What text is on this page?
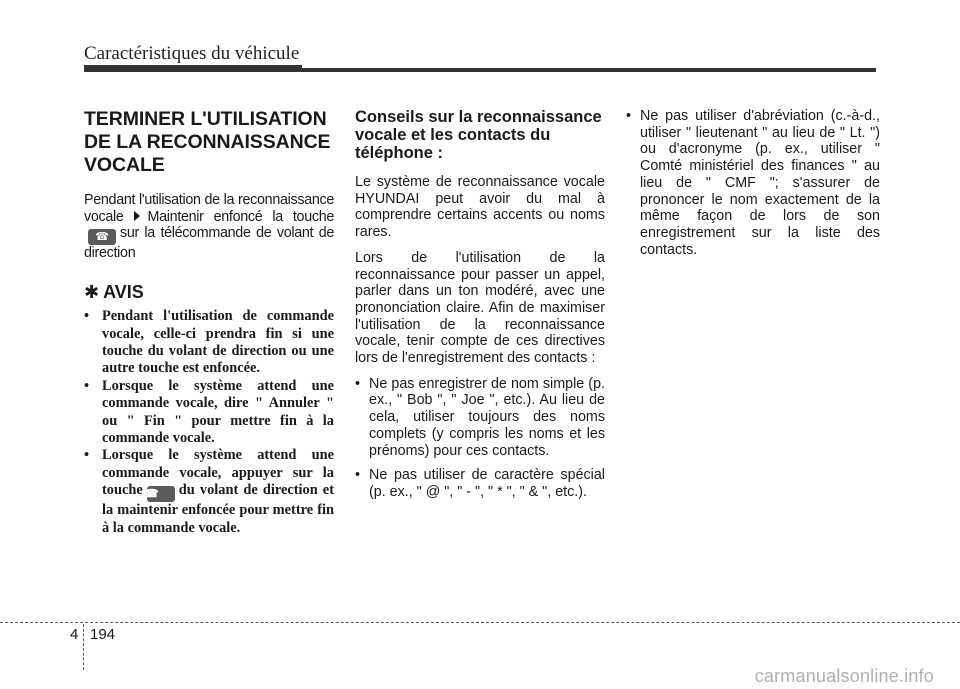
Caractéristiques du véhicule
TERMINER L'UTILISATION DE LA RECONNAISSANCE VOCALE

Pendant l'utilisation de la reconnaissance vocale Maintenir enfoncé la touche☎ sur la télécommande de volant de direction

✱ AVIS

• Pendant l'utilisation de commande vocale, celle-ci prendra fin si une touche du volant de direction ou une autre touche est enfoncée.

• Lorsque le système attend une commande vocale, dire " Annuler " ou " Fin " pour mettre fin à la commande vocale.

• Lorsque le système attend une commande vocale, appuyer sur la touche ☎ du volant de direction et la maintenir enfoncée pour mettre fin à la commande vocale.

Conseils sur la reconnaissance vocale et les contacts du téléphone :

Le système de reconnaissance vocale HYUNDAI peut avoir du mal à comprendre certains accents ou noms rares.

Lors de l'utilisation de la reconnaissance pour passer un appel, parler dans un ton modéré, avec une prononciation claire. Afin de maximiser l'utilisation de la reconnaissance vocale, tenir compte de ces directives lors de l'enregistrement des contacts :

• Ne pas enregistrer de nom simple (p. ex., " Bob ", " Joe ", etc.). Au lieu de cela, utiliser toujours des noms complets (y compris les noms et les prénoms) pour ces contacts.

• Ne pas utiliser de caractère spécial (p. ex., " @ ", " - ", " * ", " & ", etc.).

• Ne pas utiliser d'abréviation (c.-à-d., utiliser " lieutenant " au lieu de " Lt. ") ou d'acronyme (p. ex., utiliser " Comté ministériel des finances " au lieu de " CMF "; s'assurer de prononcer le nom exactement de la même façon de lors de son enregistrement sur la liste des contacts.

4 194
carmanualsonline.info
